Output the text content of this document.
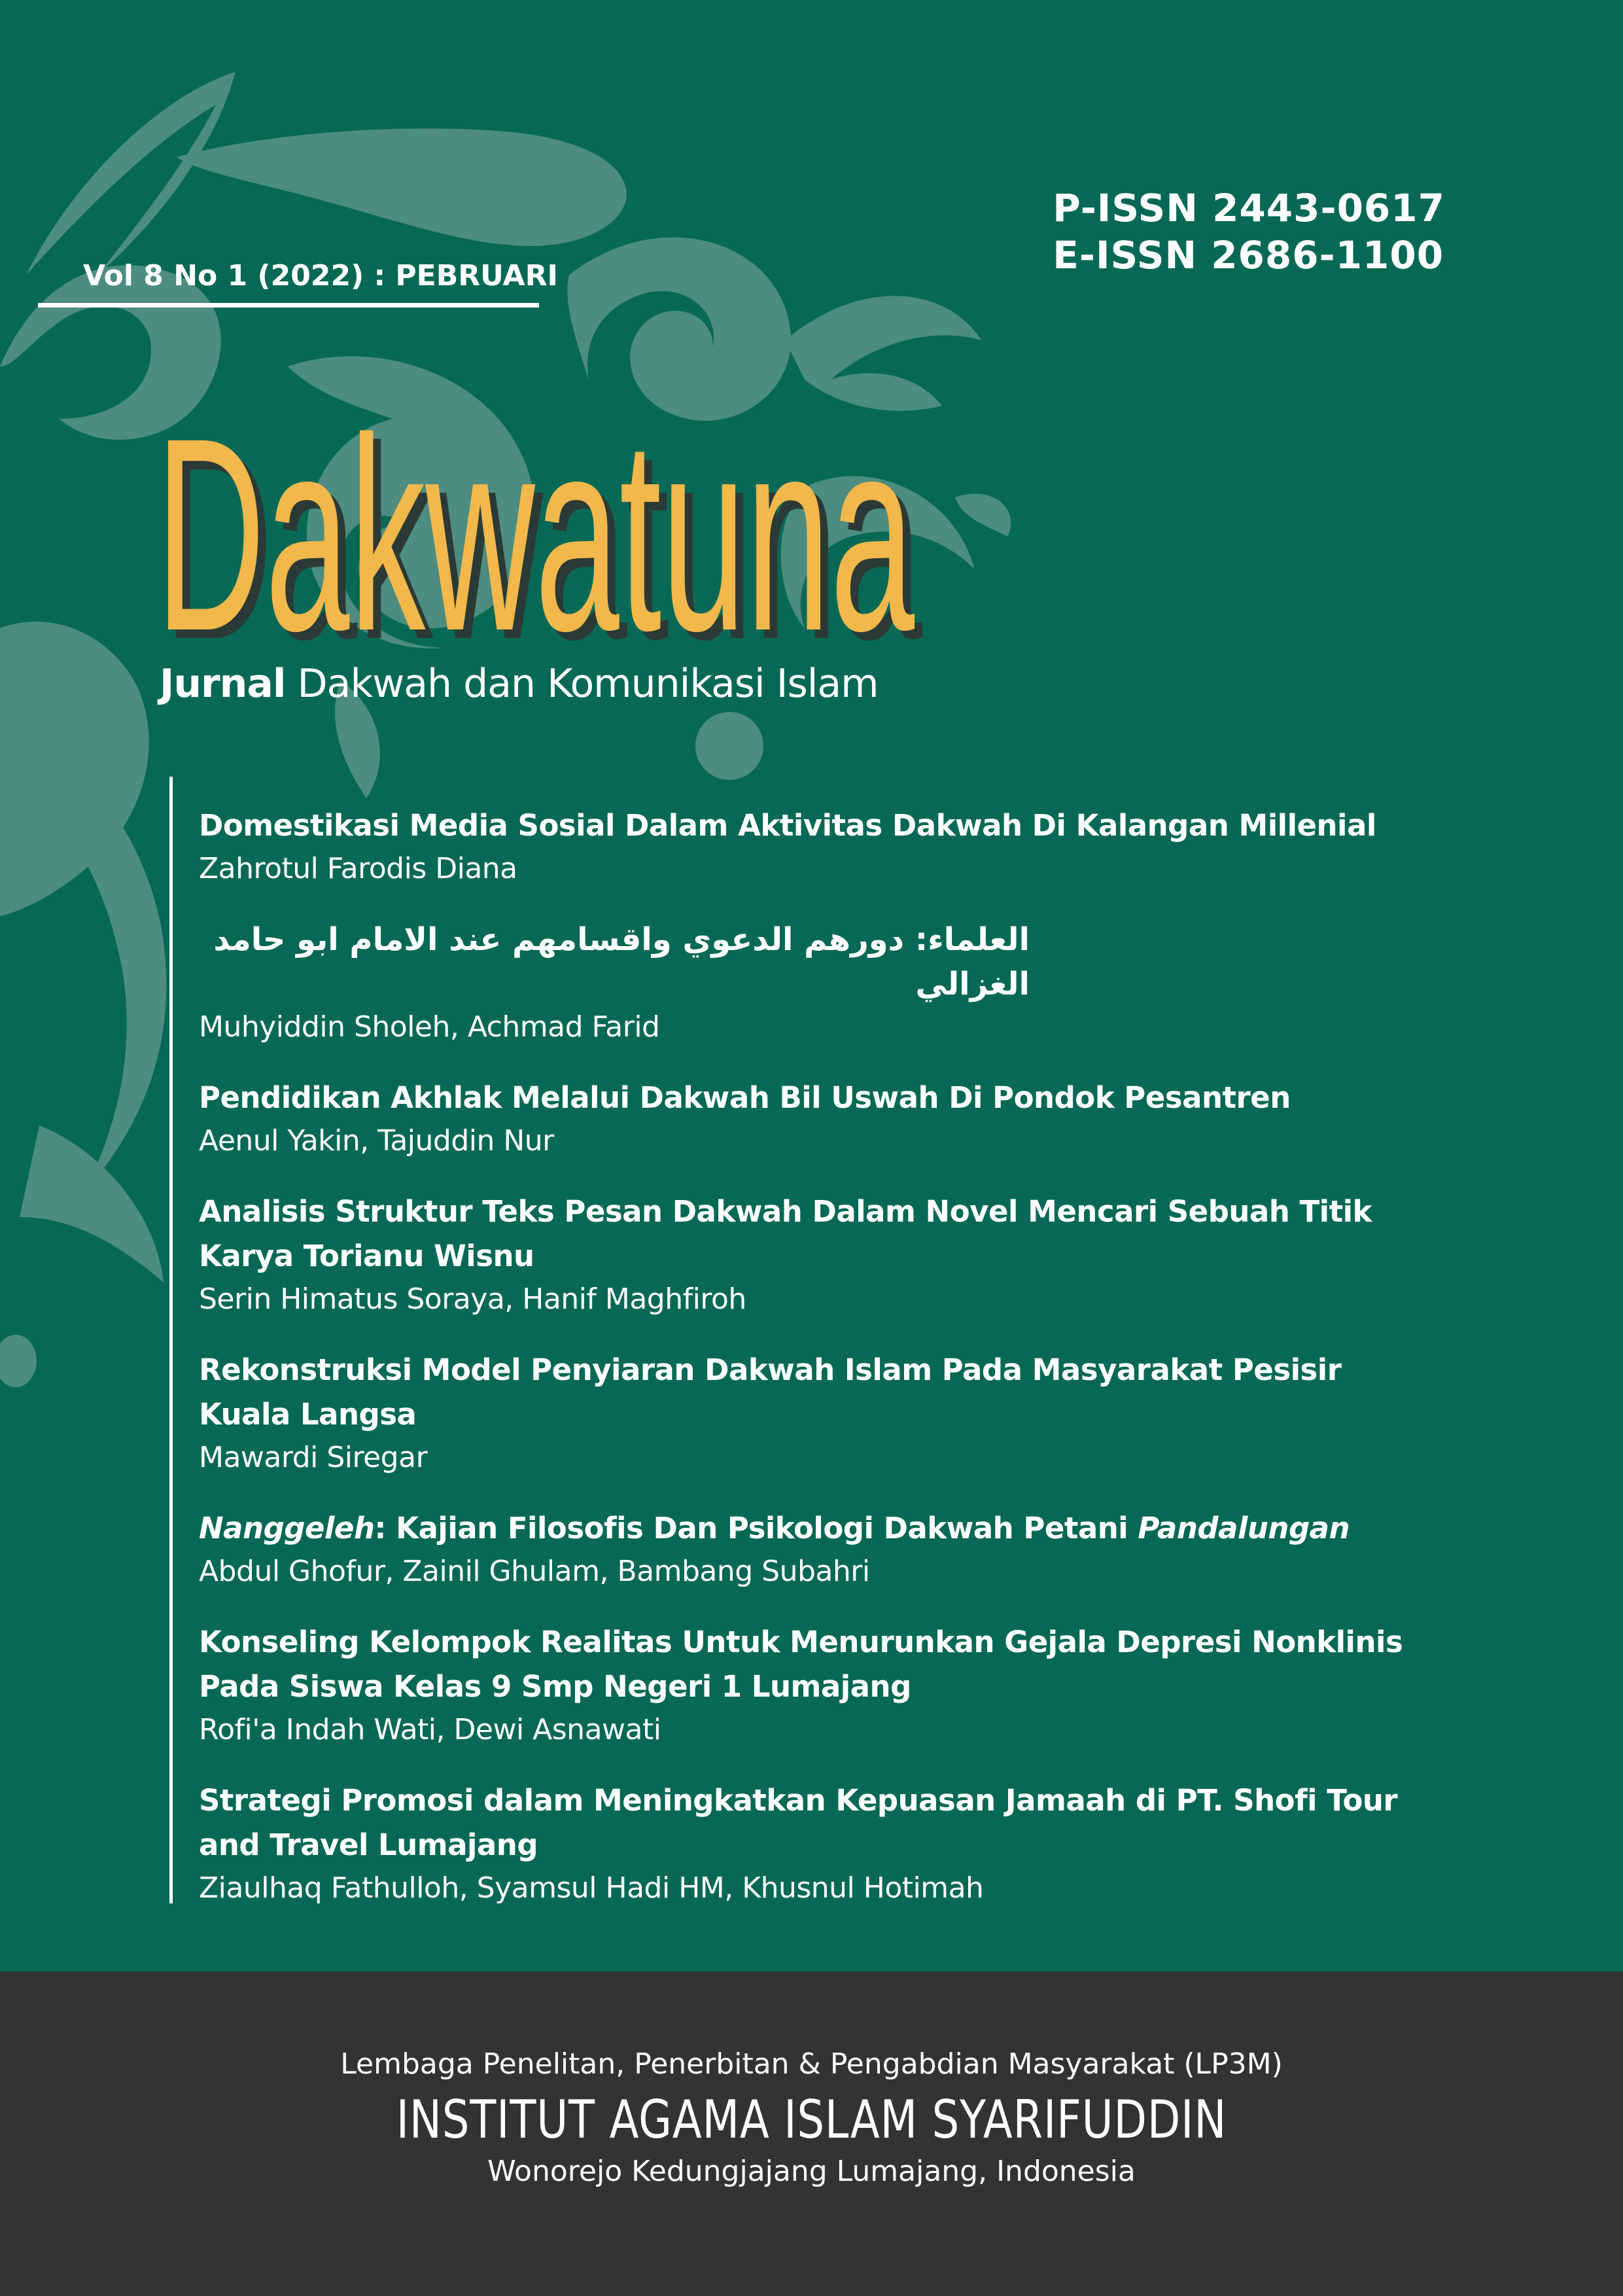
Vol 8 No 1 (2022) : PEBRUARI
P-ISSN 2443-0617
E-ISSN 2686-1100
Dakwatuna
Dakwatuna
Jurnal Dakwah dan Komunikasi Islam
Domestikasi Media Sosial Dalam Aktivitas Dakwah Di Kalangan Millenial
Zahrotul Farodis Diana
العلماء: دورهم الدعوي واقسامهم عند الامام ابو حامد الغزالي
Muhyiddin Sholeh, Achmad Farid
Pendidikan Akhlak Melalui Dakwah Bil Uswah Di Pondok Pesantren
Aenul Yakin, Tajuddin Nur
Analisis Struktur Teks Pesan Dakwah Dalam Novel Mencari Sebuah Titik Karya Torianu Wisnu
Serin Himatus Soraya, Hanif Maghfiroh
Rekonstruksi Model Penyiaran Dakwah Islam Pada Masyarakat Pesisir Kuala Langsa
Mawardi Siregar
Nanggeleh: Kajian Filosofis Dan Psikologi Dakwah Petani Pandalungan
Abdul Ghofur, Zainil Ghulam, Bambang Subahri
Konseling Kelompok Realitas Untuk Menurunkan Gejala Depresi Nonklinis Pada Siswa Kelas 9 Smp Negeri 1 Lumajang
Rofi'a Indah Wati, Dewi Asnawati
Strategi Promosi dalam Meningkatkan Kepuasan Jamaah di PT. Shofi Tour and Travel Lumajang
Ziaulhaq Fathulloh, Syamsul Hadi HM, Khusnul Hotimah
Lembaga Penelitan, Penerbitan & Pengabdian Masyarakat (LP3M)
INSTITUT AGAMA ISLAM SYARIFUDDIN
Wonorejo Kedungjajang Lumajang, Indonesia
